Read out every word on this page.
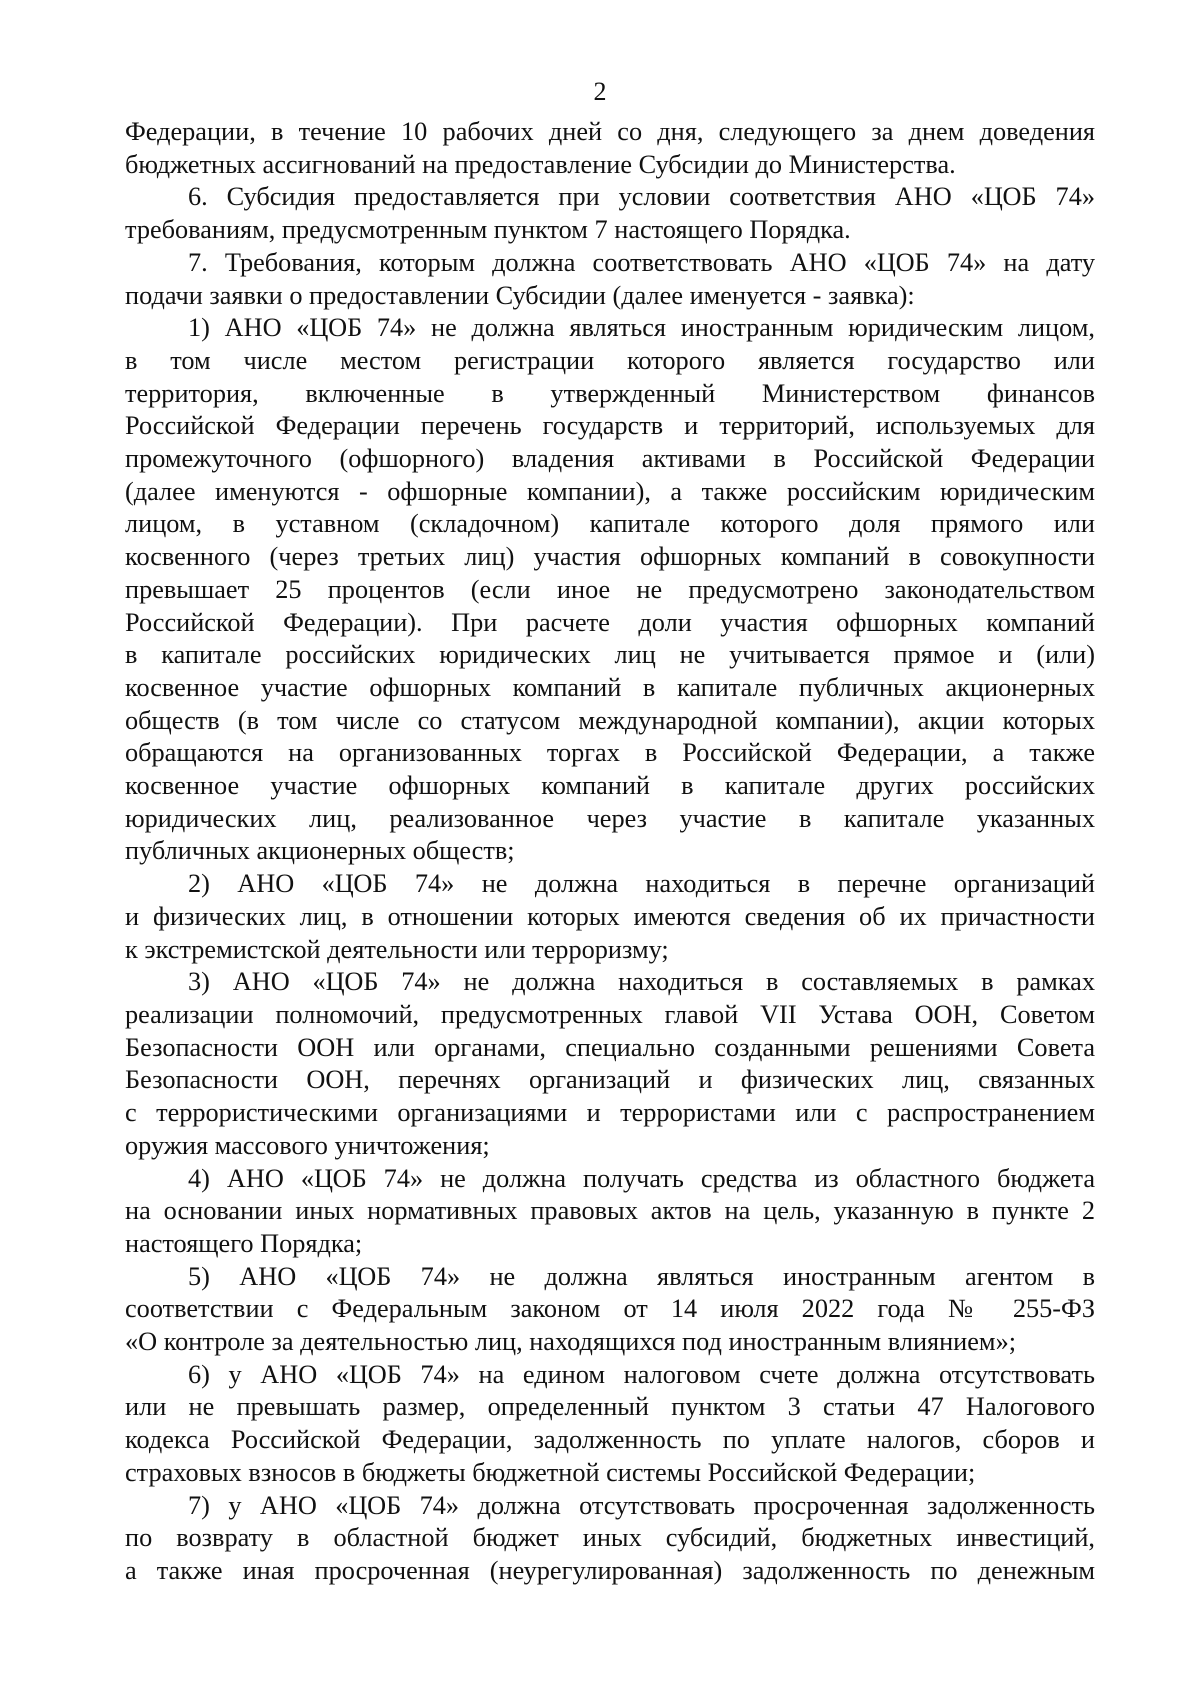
2
Федерации, в течение 10 рабочих дней со дня, следующего за днем доведения
бюджетных ассигнований на предоставление Субсидии до Министерства.
6. Субсидия предоставляется при условии соответствия АНО «ЦОБ 74»
требованиям, предусмотренным пунктом 7 настоящего Порядка.
7. Требования, которым должна соответствовать АНО «ЦОБ 74» на дату
подачи заявки о предоставлении Субсидии (далее именуется - заявка):
1) АНО «ЦОБ 74» не должна являться иностранным юридическим лицом,
в том числе местом регистрации которого является государство или
территория, включенные в утвержденный Министерством финансов
Российской Федерации перечень государств и территорий, используемых для
промежуточного (офшорного) владения активами в Российской Федерации
(далее именуются - офшорные компании), а также российским юридическим
лицом, в уставном (складочном) капитале которого доля прямого или
косвенного (через третьих лиц) участия офшорных компаний в совокупности
превышает 25 процентов (если иное не предусмотрено законодательством
Российской Федерации). При расчете доли участия офшорных компаний
в капитале российских юридических лиц не учитывается прямое и (или)
косвенное участие офшорных компаний в капитале публичных акционерных
обществ (в том числе со статусом международной компании), акции которых
обращаются на организованных торгах в Российской Федерации, а также
косвенное участие офшорных компаний в капитале других российских
юридических лиц, реализованное через участие в капитале указанных
публичных акционерных обществ;
2) АНО «ЦОБ 74» не должна находиться в перечне организаций
и физических лиц, в отношении которых имеются сведения об их причастности
к экстремистской деятельности или терроризму;
3) АНО «ЦОБ 74» не должна находиться в составляемых в рамках
реализации полномочий, предусмотренных главой VII Устава ООН, Советом
Безопасности ООН или органами, специально созданными решениями Совета
Безопасности ООН, перечнях организаций и физических лиц, связанных
с террористическими организациями и террористами или с распространением
оружия массового уничтожения;
4) АНО «ЦОБ 74» не должна получать средства из областного бюджета
на основании иных нормативных правовых актов на цель, указанную в пункте 2
настоящего Порядка;
5) АНО «ЦОБ 74» не должна являться иностранным агентом в
соответствии с Федеральным законом от 14 июля 2022 года № 255-ФЗ
«О контроле за деятельностью лиц, находящихся под иностранным влиянием»;
6) у АНО «ЦОБ 74» на едином налоговом счете должна отсутствовать
или не превышать размер, определенный пунктом 3 статьи 47 Налогового
кодекса Российской Федерации, задолженность по уплате налогов, сборов и
страховых взносов в бюджеты бюджетной системы Российской Федерации;
7) у АНО «ЦОБ 74» должна отсутствовать просроченная задолженность
по возврату в областной бюджет иных субсидий, бюджетных инвестиций,
а также иная просроченная (неурегулированная) задолженность по денежным
